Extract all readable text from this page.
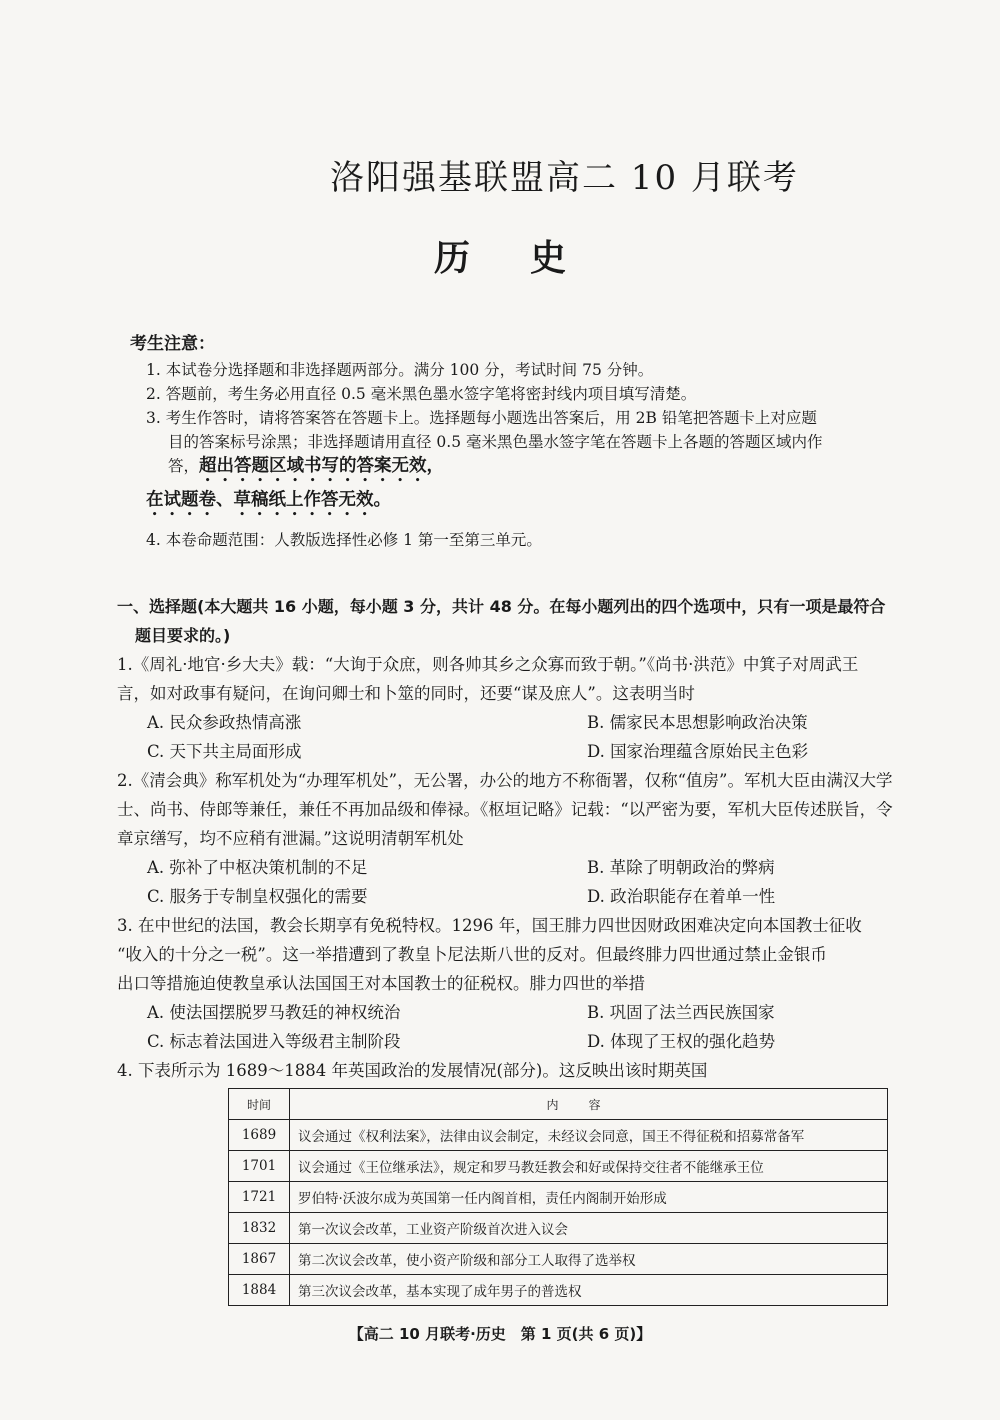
洛阳强基联盟高二 10 月联考
历史
考生注意：
1. 本试卷分选择题和非选择题两部分。满分 100 分，考试时间 75 分钟。
2. 答题前，考生务必用直径 0.5 毫米黑色墨水签字笔将密封线内项目填写清楚。
3. 考生作答时，请将答案答在答题卡上。选择题每小题选出答案后，用 2B 铅笔把答题卡上对应题目的答案标号涂黑；非选择题请用直径 0.5 毫米黑色墨水签字笔在答题卡上各题的答题区域内作答，超出答题区域书写的答案无效，
在试题卷、草稿纸上作答无效。
4. 本卷命题范围：人教版选择性必修 1 第一至第三单元。
一、选择题(本大题共 16 小题，每小题 3 分，共计 48 分。在每小题列出的四个选项中，只有一项是最符合
题目要求的。)
1.《周礼·地官·乡大夫》载：“大询于众庶，则各帅其乡之众寡而致于朝。”《尚书·洪范》中箕子对周武王
言，如对政事有疑问，在询问卿士和卜筮的同时，还要“谋及庶人”。这表明当时
A. 民众参政热情高涨	B. 儒家民本思想影响政治决策
C. 天下共主局面形成	D. 国家治理蕴含原始民主色彩
2.《清会典》称军机处为“办理军机处”，无公署，办公的地方不称衙署，仅称“值房”。军机大臣由满汉大学
士、尚书、侍郎等兼任，兼任不再加品级和俸禄。《枢垣记略》记载：“以严密为要，军机大臣传述朕旨，令
章京缮写，均不应稍有泄漏。”这说明清朝军机处
A. 弥补了中枢决策机制的不足	B. 革除了明朝政治的弊病
C. 服务于专制皇权强化的需要	D. 政治职能存在着单一性
3. 在中世纪的法国，教会长期享有免税特权。1296 年，国王腓力四世因财政困难决定向本国教士征收
“收入的十分之一税”。这一举措遭到了教皇卜尼法斯八世的反对。但最终腓力四世通过禁止金银币
出口等措施迫使教皇承认法国国王对本国教士的征税权。腓力四世的举措
A. 使法国摆脱罗马教廷的神权统治	B. 巩固了法兰西民族国家
C. 标志着法国进入等级君主制阶段	D. 体现了王权的强化趋势
4. 下表所示为 1689～1884 年英国政治的发展情况(部分)。这反映出该时期英国
时间	内容
1689	议会通过《权利法案》，法律由议会制定，未经议会同意，国王不得征税和招募常备军
1701	议会通过《王位继承法》，规定和罗马教廷教会和好或保持交往者不能继承王位
1721	罗伯特·沃波尔成为英国第一任内阁首相，责任内阁制开始形成
1832	第一次议会改革，工业资产阶级首次进入议会
1867	第二次议会改革，使小资产阶级和部分工人取得了选举权
1884	第三次议会改革，基本实现了成年男子的普选权
【高二 10 月联考·历史　第 1 页(共 6 页)】
